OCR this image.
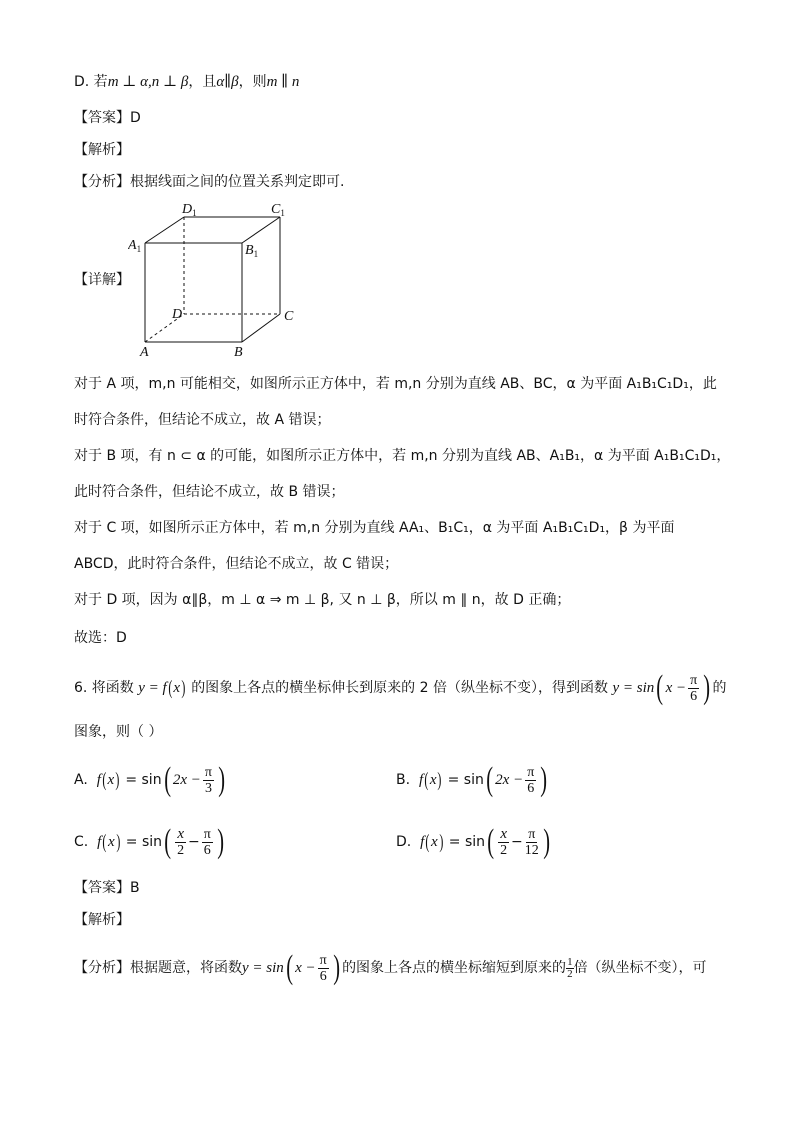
D. 若m ⊥ α,n ⊥ β，且α∥β，则m ∥ n
【答案】D
【解析】
【分析】根据线面之间的位置关系判定即可.
【详解】
$D_1$	$C_1$
$A_1$	$B_1$
D	C
A	B
对于 A 项，m,n 可能相交，如图所示正方体中，若 m,n 分别为直线 AB、BC，α 为平面 A₁B₁C₁D₁，此
时符合条件，但结论不成立，故 A 错误；
对于 B 项，有 n ⊂ α 的可能，如图所示正方体中，若 m,n 分别为直线 AB、A₁B₁，α 为平面 A₁B₁C₁D₁，
此时符合条件，但结论不成立，故 B 错误；
对于 C 项，如图所示正方体中，若 m,n 分别为直线 AA₁、B₁C₁，α 为平面 A₁B₁C₁D₁，β 为平面
ABCD，此时符合条件，但结论不成立，故 C 错误；
对于 D 项，因为 α∥β，m ⊥ α ⇒ m ⊥ β, 又 n ⊥ β，所以 m ∥ n，故 D 正确；
故选：D
6. 将函数 y = f(x) 的图象上各点的横坐标伸长到原来的 2 倍（纵坐标不变），得到函数 y = sin( $x - \frac{\pi}{6}$ ) 的
图象，则（ ）
A. f(x) = sin( $2x - \frac{\pi}{3}$ )	B. f(x) = sin( $2x - \frac{\pi}{6}$ )
C. $f(x) = \sin( \frac{x}{2} - \frac{\pi}{6}$ )	D. $f(x) = \sin( \frac{x}{2} - \frac{\pi}{12}$ )
【答案】B
【解析】
【分析】根据题意，将函数y = sin( $x - \frac{\pi}{6}$ ) 的图象上各点的横坐标缩短到原来的 $\frac{1}{2}$ 倍（纵坐标不变），可
